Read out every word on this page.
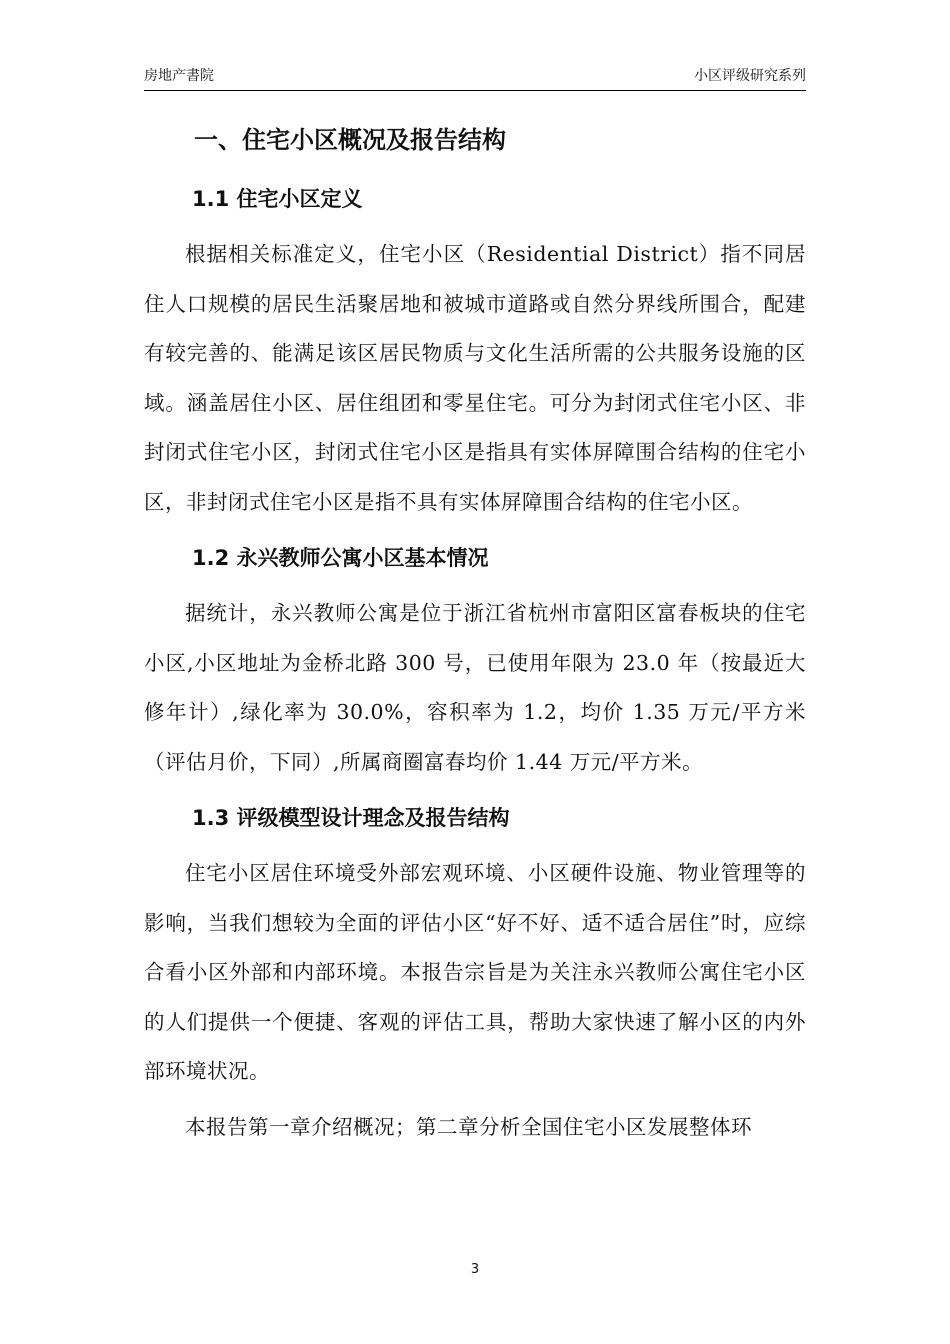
房地产書院	小区评级研究系列
一、住宅小区概况及报告结构
1.1 住宅小区定义

根据相关标准定义，住宅小区（Residential District）指不同居住人口规模的居民生活聚居地和被城市道路或自然分界线所围合，配建有较完善的、能满足该区居民物质与文化生活所需的公共服务设施的区域。涵盖居住小区、居住组团和零星住宅。可分为封闭式住宅小区、非封闭式住宅小区，封闭式住宅小区是指具有实体屏障围合结构的住宅小区，非封闭式住宅小区是指不具有实体屏障围合结构的住宅小区。

1.2 永兴教师公寓小区基本情况

据统计，永兴教师公寓是位于浙江省杭州市富阳区富春板块的住宅小区,小区地址为金桥北路 300 号，已使用年限为 23.0 年（按最近大修年计）,绿化率为 30.0%，容积率为 1.2，均价 1.35 万元/平方米（评估月价，下同）,所属商圈富春均价 1.44 万元/平方米。

1.3 评级模型设计理念及报告结构

住宅小区居住环境受外部宏观环境、小区硬件设施、物业管理等的影响，当我们想较为全面的评估小区“好不好、适不适合居住”时，应综合看小区外部和内部环境。本报告宗旨是为关注永兴教师公寓住宅小区的人们提供一个便捷、客观的评估工具，帮助大家快速了解小区的内外部环境状况。

本报告第一章介绍概况；第二章分析全国住宅小区发展整体环

3
